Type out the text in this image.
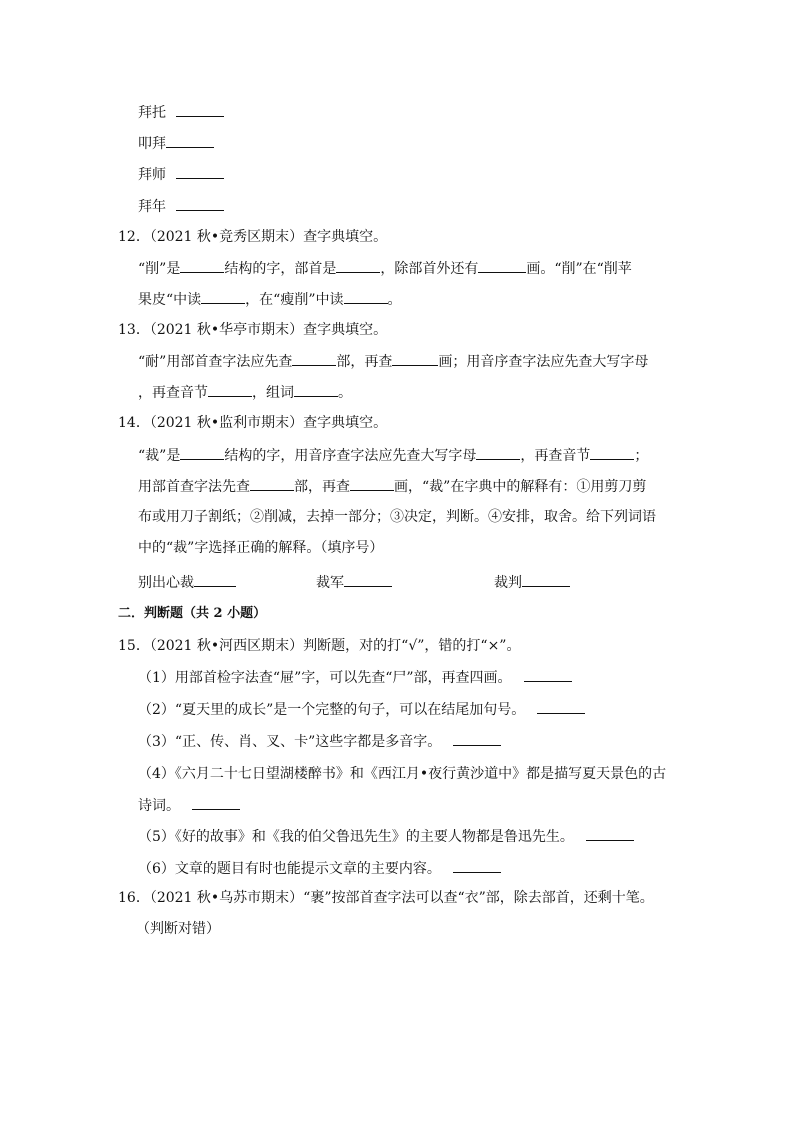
拜托
叩拜
拜师
拜年
12．（2021 秋•竞秀区期末）查字典填空。
“削”是	结构的字，部首是	，除部首外还有	画。“削”在“削苹
果皮“中读	，在“瘦削”中读	。
13．（2021 秋•华亭市期末）查字典填空。
“耐”用部首查字法应先查	部，再查	画；用音序查字法应先查大写字母
，再查音节	，组词	。
14．（2021 秋•监利市期末）查字典填空。
“裁”是	结构的字，用音序查字法应先查大写字母	，再查音节	；
用部首查字法先查	部，再查	画，“裁”在字典中的解释有：①用剪刀剪
布或用刀子割纸；②削减，去掉一部分；③决定，判断。④安排，取舍。给下列词语
中的“裁”字选择正确的解释。（填序号）
别出心裁	裁军	裁判
二．判断题（共 2 小题）
15．（2021 秋•河西区期末）判断题，对的打“√”，错的打“×”。
（1）用部首检字法查“屉”字，可以先查“尸”部，再查四画。
（2）“夏天里的成长”是一个完整的句子，可以在结尾加句号。
（3）“正、传、肖、叉、卡”这些字都是多音字。
（4）《六月二十七日望湖楼醉书》和《西江月•夜行黄沙道中》都是描写夏天景色的古
诗词。
（5）《好的故事》和《我的伯父鲁迅先生》的主要人物都是鲁迅先生。
（6）文章的题目有时也能提示文章的主要内容。
16．（2021 秋•乌苏市期末）“裹”按部首查字法可以查“衣”部，除去部首，还剩十笔。
（判断对错）
